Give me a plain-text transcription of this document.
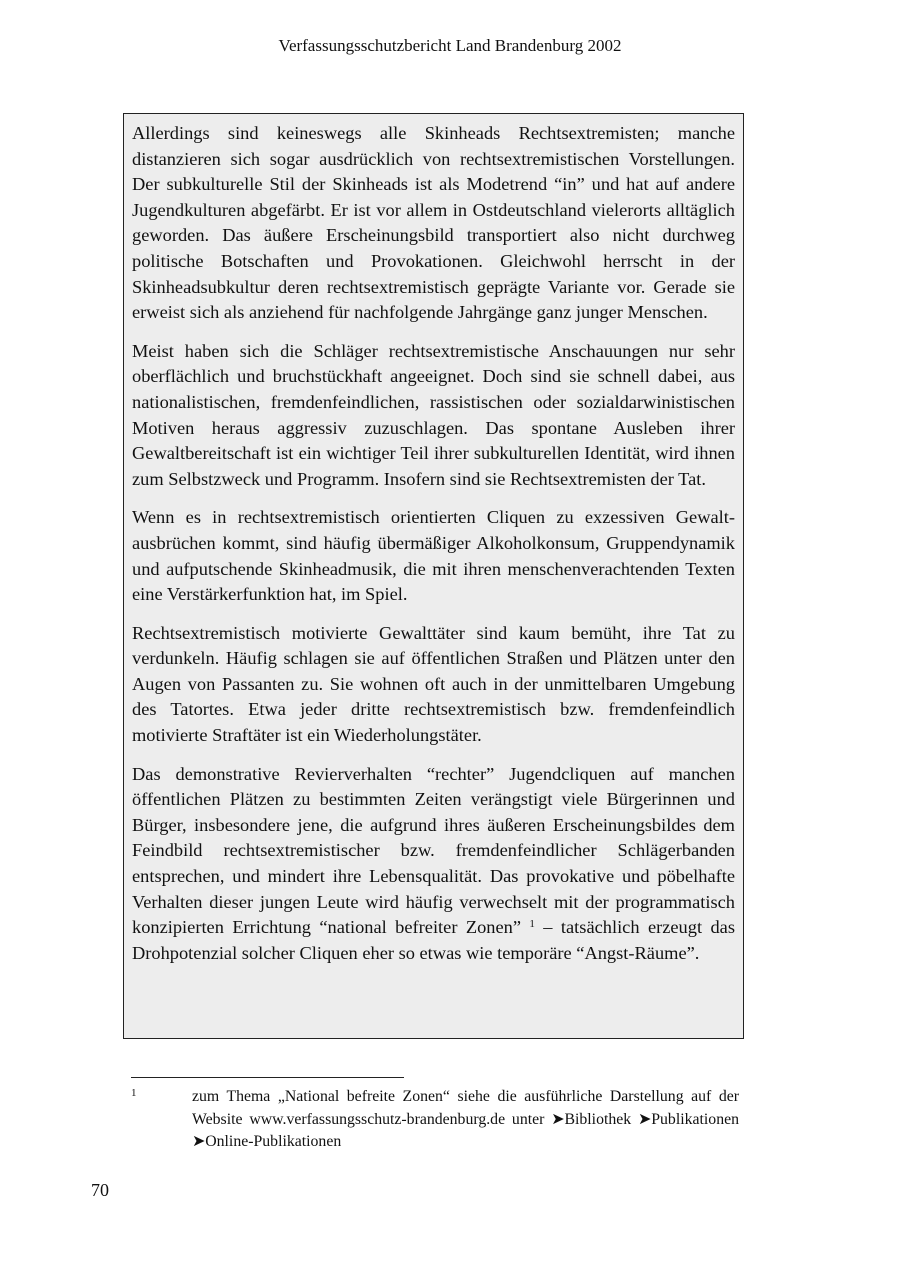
Verfassungsschutzbericht Land Brandenburg 2002

Allerdings sind keineswegs alle Skinheads Rechtsextremisten; manche distanzieren sich sogar ausdrücklich von rechtsextremistischen Vorstellungen. Der subkulturelle Stil der Skinheads ist als Modetrend “in” und hat auf andere Jugendkulturen abgefärbt. Er ist vor allem in Ostdeutschland vielerorts alltäglich geworden. Das äußere Erscheinungsbild transportiert also nicht durchweg politische Botschaften und Provokationen. Gleichwohl herrscht in der Skinheadsubkultur deren rechtsextremistisch geprägte Variante vor. Gerade sie erweist sich als anziehend für nachfolgende Jahrgänge ganz junger Menschen.

Meist haben sich die Schläger rechtsextremistische Anschauungen nur sehr oberflächlich und bruchstückhaft angeeignet. Doch sind sie schnell dabei, aus nationalistischen, fremdenfeindlichen, rassistischen oder sozialdarwinistischen Motiven heraus aggressiv zuzuschlagen. Das spontane Ausleben ihrer Gewaltbereitschaft ist ein wichtiger Teil ihrer subkulturellen Identität, wird ihnen zum Selbstzweck und Programm. Insofern sind sie Rechtsextremisten der Tat.

Wenn es in rechtsextremistisch orientierten Cliquen zu exzessiven Gewaltausbrüchen kommt, sind häufig übermäßiger Alkoholkonsum, Gruppendynamik und aufputschende Skinheadmusik, die mit ihren menschenverachtenden Texten eine Verstärkerfunktion hat, im Spiel.

Rechtsextremistisch motivierte Gewalttäter sind kaum bemüht, ihre Tat zu verdunkeln. Häufig schlagen sie auf öffentlichen Straßen und Plätzen unter den Augen von Passanten zu. Sie wohnen oft auch in der unmittelbaren Umgebung des Tatortes. Etwa jeder dritte rechtsextremistisch bzw. fremdenfeindlich motivierte Straftäter ist ein Wiederholungstäter.

Das demonstrative Revierverhalten “rechter” Jugendcliquen auf manchen öffentlichen Plätzen zu bestimmten Zeiten verängstigt viele Bürgerinnen und Bürger, insbesondere jene, die aufgrund ihres äußeren Erscheinungsbildes dem Feindbild rechtsextremistischer bzw. fremdenfeindlicher Schlägerbanden entsprechen, und mindert ihre Lebensqualität. Das provokative und pöbelhafte Verhalten dieser jungen Leute wird häufig verwechselt mit der programmatisch konzipierten Errichtung “national befreiter Zonen” $^1$ – tatsächlich erzeugt das Drohpotenzial solcher Cliquen eher so etwas wie temporäre “Angst-Räume”.

1	zum Thema „National befreite Zonen“ siehe die ausführliche Darstellung auf der Website www.verfassungsschutz-brandenburg.de unter ➤Bibliothek ➤Publikationen ➤Online-Publikationen
70
